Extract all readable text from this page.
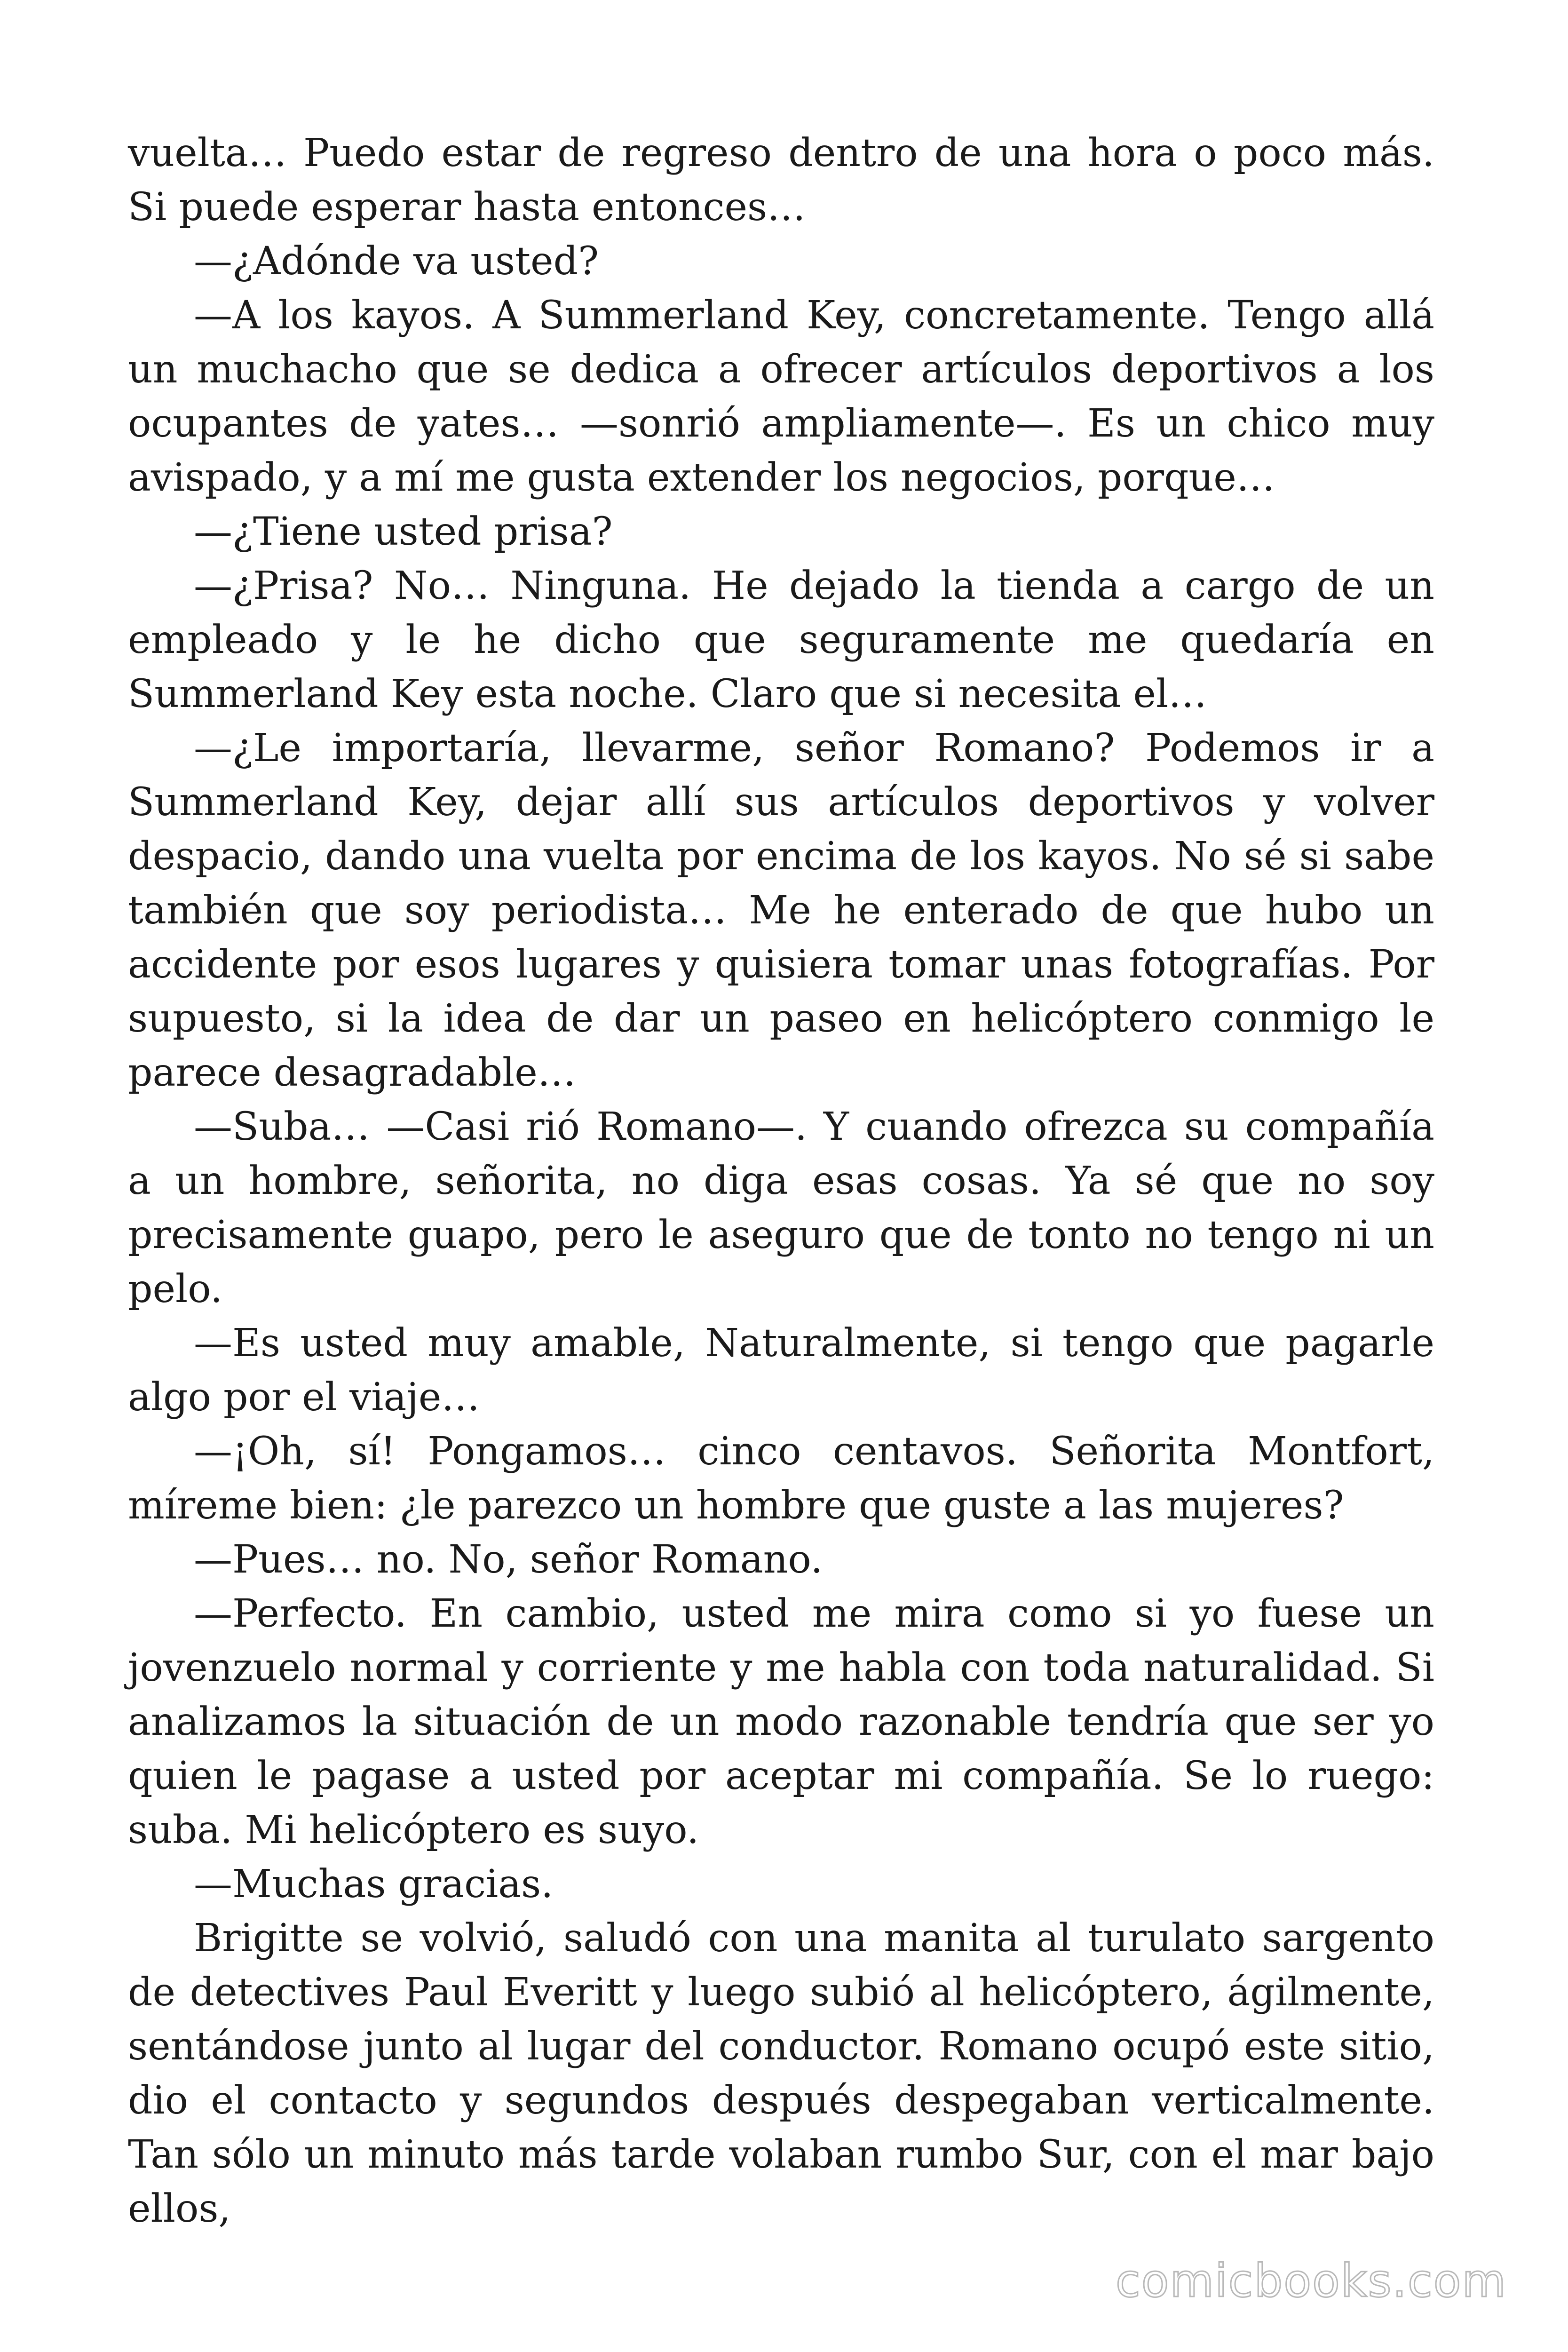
vuelta… Puedo estar de regreso dentro de una hora o poco más. Si puede esperar hasta entonces…

—¿Adónde va usted?

—A los kayos. A Summerland Key, concretamente. Tengo allá un muchacho que se dedica a ofrecer artículos deportivos a los ocupantes de yates… —sonrió ampliamente—. Es un chico muy avispado, y a mí me gusta extender los negocios, porque…

—¿Tiene usted prisa?

—¿Prisa? No… Ninguna. He dejado la tienda a cargo de un empleado y le he dicho que seguramente me quedaría en Summerland Key esta noche. Claro que si necesita el…

—¿Le importaría, llevarme, señor Romano? Podemos ir a Summerland Key, dejar allí sus artículos deportivos y volver despacio, dando una vuelta por encima de los kayos. No sé si sabe también que soy periodista… Me he enterado de que hubo un accidente por esos lugares y quisiera tomar unas fotografías. Por supuesto, si la idea de dar un paseo en helicóptero conmigo le parece desagradable…

—Suba… —Casi rió Romano—. Y cuando ofrezca su compañía a un hombre, señorita, no diga esas cosas. Ya sé que no soy precisamente guapo, pero le aseguro que de tonto no tengo ni un pelo.

—Es usted muy amable, Naturalmente, si tengo que pagarle algo por el viaje…

—¡Oh, sí! Pongamos… cinco centavos. Señorita Montfort, míreme bien: ¿le parezco un hombre que guste a las mujeres?

—Pues… no. No, señor Romano.

—Perfecto. En cambio, usted me mira como si yo fuese un jovenzuelo normal y corriente y me habla con toda naturalidad. Si analizamos la situación de un modo razonable tendría que ser yo quien le pagase a usted por aceptar mi compañía. Se lo ruego: suba. Mi helicóptero es suyo.

—Muchas gracias.

Brigitte se volvió, saludó con una manita al turulato sargento de detectives Paul Everitt y luego subió al helicóptero, ágilmente, sentándose junto al lugar del conductor. Romano ocupó este sitio, dio el contacto y segundos después despegaban verticalmente. Tan sólo un minuto más tarde volaban rumbo Sur, con el mar bajo ellos,

comicbooks.com
